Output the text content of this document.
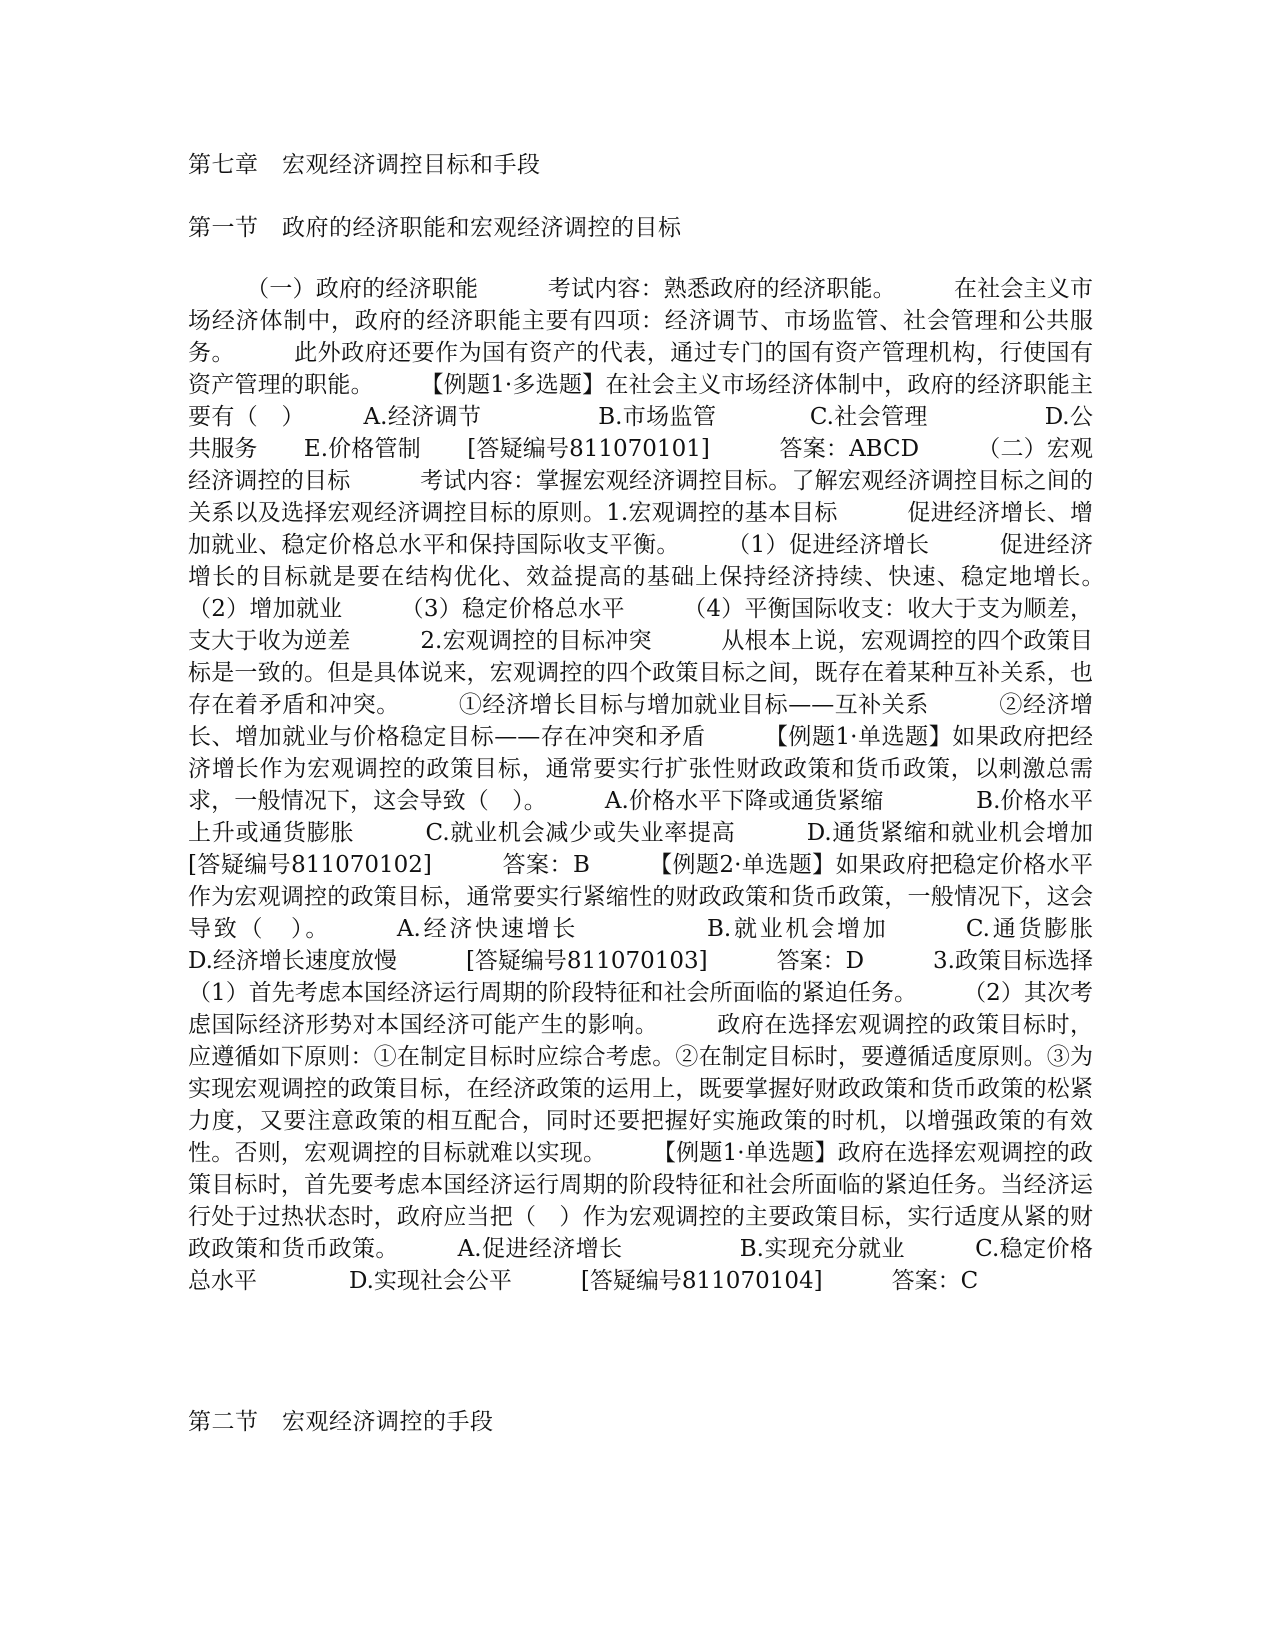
第七章　宏观经济调控目标和手段
第一节　政府的经济职能和宏观经济调控的目标

　　　（一）政府的经济职能　　　考试内容：熟悉政府的经济职能。　　　在社会主义市场经济体制中，政府的经济职能主要有四项：经济调节、市场监管、社会管理和公共服务。　　　此外政府还要作为国有资产的代表，通过专门的国有资产管理机构，行使国有资产管理的职能。　　　【例题1·多选题】在社会主义市场经济体制中，政府的经济职能主要有（　）　　　A.经济调节　　　　　B.市场监管　　　　C.社会管理　　　　　D.公共服务　　E.价格管制　　[答疑编号811070101]　　　答案：ABCD　　　（二）宏观经济调控的目标　　　考试内容：掌握宏观经济调控目标。了解宏观经济调控目标之间的关系以及选择宏观经济调控目标的原则。1.宏观调控的基本目标　　　促进经济增长、增加就业、稳定价格总水平和保持国际收支平衡。　　　（1）促进经济增长　　　促进经济增长的目标就是要在结构优化、效益提高的基础上保持经济持续、快速、稳定地增长。　　　（2）增加就业　　　（3）稳定价格总水平　　　（4）平衡国际收支：收大于支为顺差，支大于收为逆差　　　2.宏观调控的目标冲突　　　从根本上说，宏观调控的四个政策目标是一致的。但是具体说来，宏观调控的四个政策目标之间，既存在着某种互补关系，也存在着矛盾和冲突。　　　①经济增长目标与增加就业目标——互补关系　　　②经济增长、增加就业与价格稳定目标——存在冲突和矛盾　　　【例题1·单选题】如果政府把经济增长作为宏观调控的政策目标，通常要实行扩张性财政政策和货币政策，以刺激总需求，一般情况下，这会导致（　）。　　　A.价格水平下降或通货紧缩　　　　B.价格水平上升或通货膨胀　　　C.就业机会减少或失业率提高　　　D.通货紧缩和就业机会增加　　　[答疑编号811070102]　　　答案：B　　　【例题2·单选题】如果政府把稳定价格水平作为宏观调控的政策目标，通常要实行紧缩性的财政政策和货币政策，一般情况下，这会导致（　）。　　　A.经济快速增长　　　　　B.就业机会增加　　　C.通货膨胀　　　　　　D.经济增长速度放慢　　　[答疑编号811070103]　　　答案：D　　　3.政策目标选择　　　（1）首先考虑本国经济运行周期的阶段特征和社会所面临的紧迫任务。　　　（2）其次考虑国际经济形势对本国经济可能产生的影响。　　　政府在选择宏观调控的政策目标时，应遵循如下原则：①在制定目标时应综合考虑。②在制定目标时，要遵循适度原则。③为实现宏观调控的政策目标，在经济政策的运用上，既要掌握好财政政策和货币政策的松紧力度，又要注意政策的相互配合，同时还要把握好实施政策的时机，以增强政策的有效性。否则，宏观调控的目标就难以实现。　　　【例题1·单选题】政府在选择宏观调控的政策目标时，首先要考虑本国经济运行周期的阶段特征和社会所面临的紧迫任务。当经济运行处于过热状态时，政府应当把（　）作为宏观调控的主要政策目标，实行适度从紧的财政政策和货币政策。　　　A.促进经济增长　　　　　B.实现充分就业　　　C.稳定价格总水平　　　　D.实现社会公平　　　[答疑编号811070104]　　　答案：C

第二节　宏观经济调控的手段
